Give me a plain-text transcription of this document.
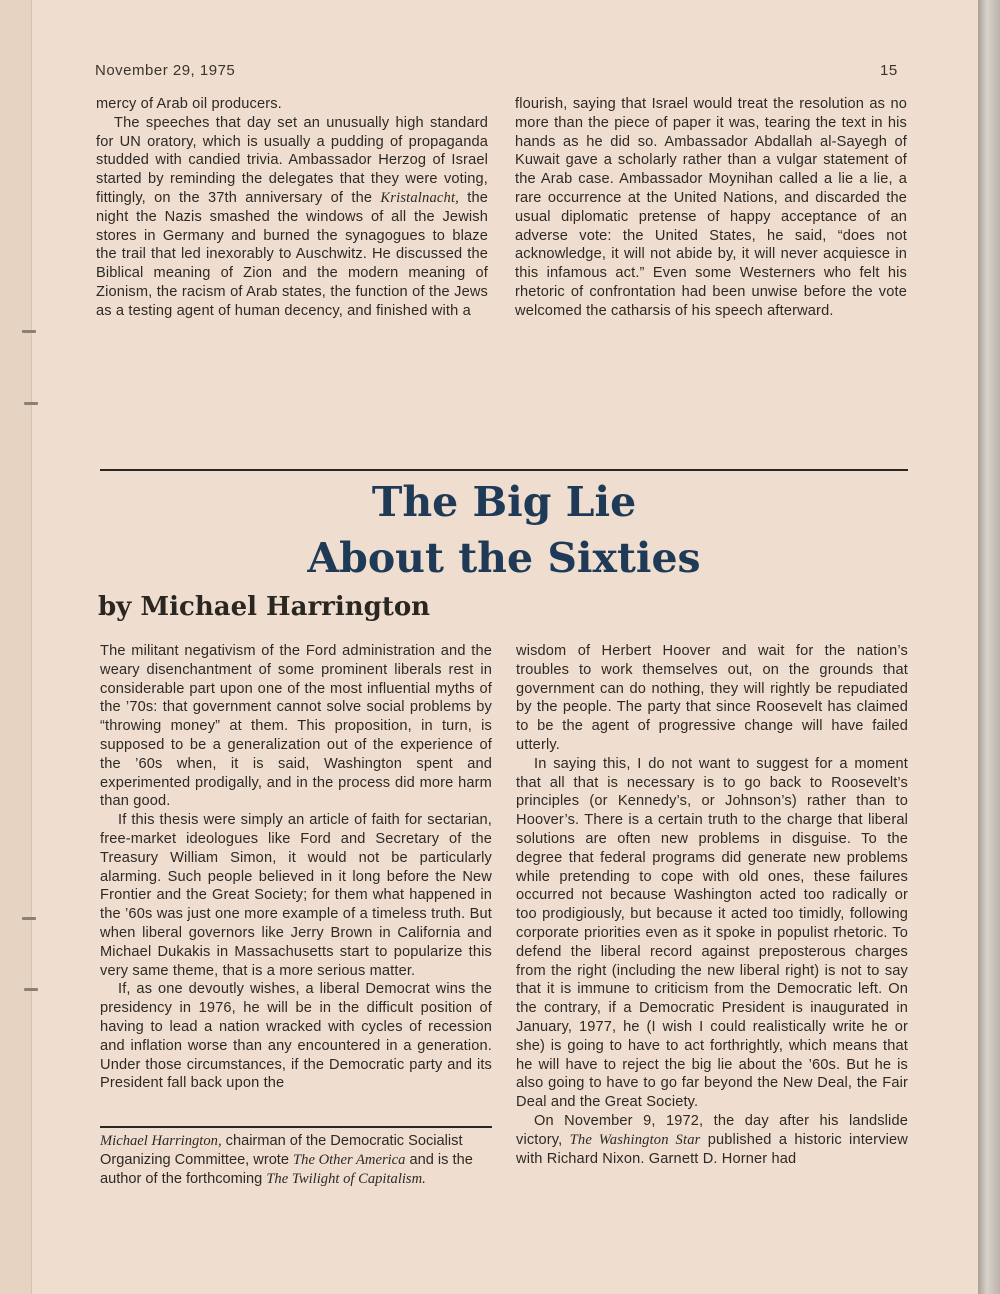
November 29, 1975	15

mercy of Arab oil producers.

The speeches that day set an unusually high standard for UN oratory, which is usually a pudding of propaganda studded with candied trivia. Ambassador Herzog of Israel started by reminding the delegates that they were voting, fittingly, on the 37th anniversary of the Kristalnacht, the night the Nazis smashed the windows of all the Jewish stores in Germany and burned the synagogues to blaze the trail that led inexorably to Auschwitz. He discussed the Biblical meaning of Zion and the modern meaning of Zionism, the racism of Arab states, the function of the Jews as a testing agent of human decency, and finished with a

flourish, saying that Israel would treat the resolution as no more than the piece of paper it was, tearing the text in his hands as he did so. Ambassador Abdallah al-Sayegh of Kuwait gave a scholarly rather than a vulgar statement of the Arab case. Ambassador Moynihan called a lie a lie, a rare occurrence at the United Nations, and discarded the usual diplomatic pretense of happy acceptance of an adverse vote: the United States, he said, “does not acknowledge, it will not abide by, it will never acquiesce in this infamous act.” Even some Westerners who felt his rhetoric of confrontation had been unwise before the vote welcomed the catharsis of his speech afterward.

The Big Lie
About the Sixties
by Michael Harrington

The militant negativism of the Ford administration and the weary disenchantment of some prominent liberals rest in considerable part upon one of the most influential myths of the ’70s: that government cannot solve social problems by “throwing money” at them. This proposition, in turn, is supposed to be a generalization out of the experience of the ’60s when, it is said, Washington spent and experimented prodigally, and in the process did more harm than good.

If this thesis were simply an article of faith for sectarian, free-market ideologues like Ford and Secretary of the Treasury William Simon, it would not be particularly alarming. Such people believed in it long before the New Frontier and the Great Society; for them what happened in the ’60s was just one more example of a timeless truth. But when liberal governors like Jerry Brown in California and Michael Dukakis in Massachusetts start to popularize this very same theme, that is a more serious matter.

If, as one devoutly wishes, a liberal Democrat wins the presidency in 1976, he will be in the difficult position of having to lead a nation wracked with cycles of recession and inflation worse than any encountered in a generation. Under those circumstances, if the Democratic party and its President fall back upon the

Michael Harrington, chairman of the Democratic Socialist Organizing Committee, wrote The Other America and is the author of the forthcoming The Twilight of Capitalism.

wisdom of Herbert Hoover and wait for the nation’s troubles to work themselves out, on the grounds that government can do nothing, they will rightly be repudiated by the people. The party that since Roosevelt has claimed to be the agent of progressive change will have failed utterly.

In saying this, I do not want to suggest for a moment that all that is necessary is to go back to Roosevelt’s principles (or Kennedy’s, or Johnson’s) rather than to Hoover’s. There is a certain truth to the charge that liberal solutions are often new problems in disguise. To the degree that federal programs did generate new problems while pretending to cope with old ones, these failures occurred not because Washington acted too radically or too prodigiously, but because it acted too timidly, following corporate priorities even as it spoke in populist rhetoric. To defend the liberal record against preposterous charges from the right (including the new liberal right) is not to say that it is immune to criticism from the Democratic left. On the contrary, if a Democratic President is inaugurated in January, 1977, he (I wish I could realistically write he or she) is going to have to act forthrightly, which means that he will have to reject the big lie about the ’60s. But he is also going to have to go far beyond the New Deal, the Fair Deal and the Great Society.

On November 9, 1972, the day after his landslide victory, The Washington Star published a historic interview with Richard Nixon. Garnett D. Horner had
